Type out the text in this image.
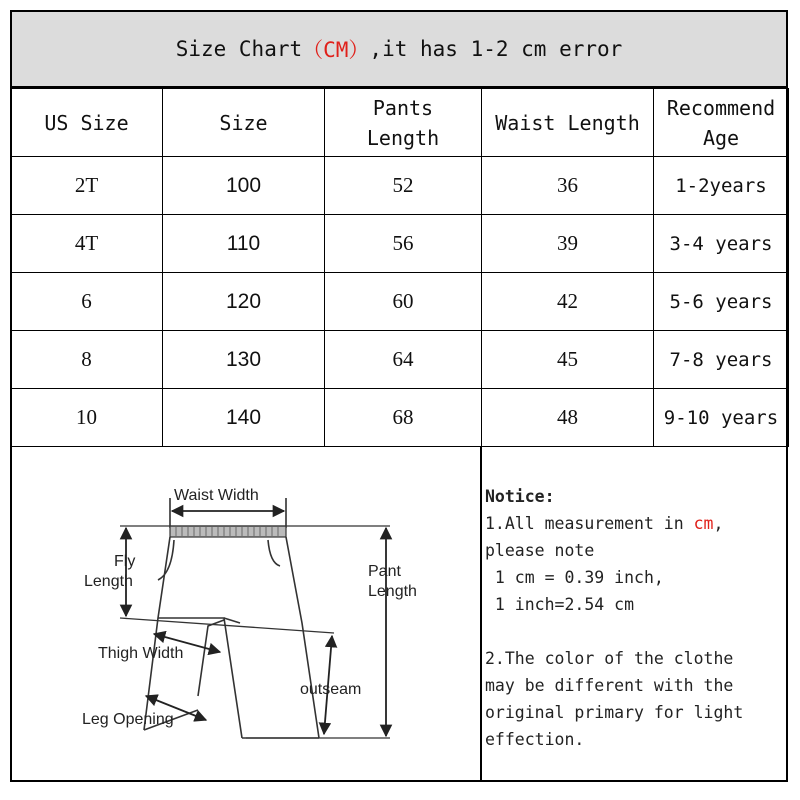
Size Chart （CM） ,it has 1-2 cm error
US Size	Size	Pants Length	Waist Length	Recommend Age
2T	100	52	36	1-2years
4T	110	56	39	3-4 years
6	120	60	42	5-6 years
8	130	64	45	7-8 years
10	140	68	48	9-10 years
Waist Width
Fly
Length
Pant
Length
Thigh Width
outseam
Leg Opening
Notice:
1.All measurement in cm,
please note
1 cm = 0.39 inch,
1 inch=2.54 cm

2.The color of the clothe
may be different with the
original primary for light
effection.
